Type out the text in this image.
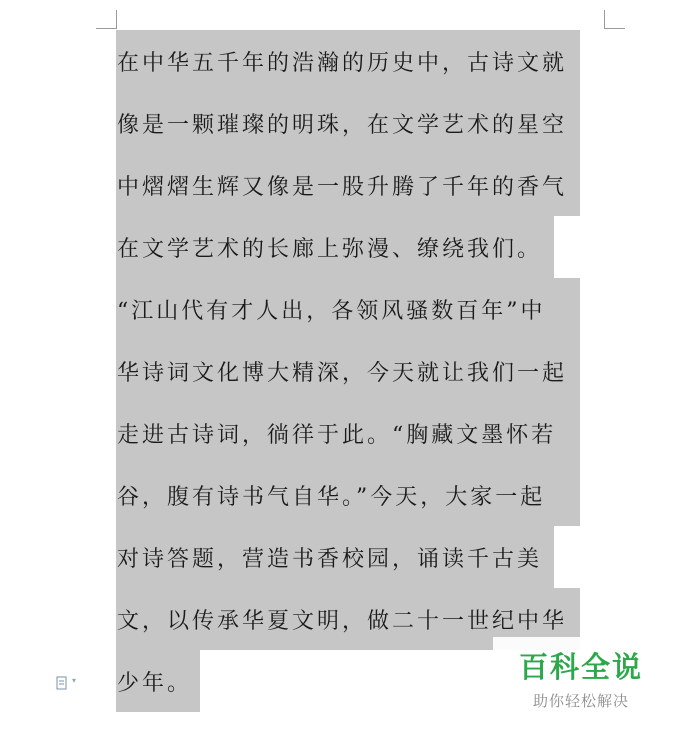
在中华五千年的浩瀚的历史中，古诗文就
像是一颗璀璨的明珠，在文学艺术的星空
中熠熠生辉又像是一股升腾了千年的香气
在文学艺术的长廊上弥漫、缭绕我们。
“江山代有才人出，各领风骚数百年”中
华诗词文化博大精深，今天就让我们一起
走进古诗词，徜徉于此。“胸藏文墨怀若
谷，腹有诗书气自华。”今天，大家一起
对诗答题，营造书香校园，诵读千古美
文，以传承华夏文明，做二十一世纪中华
少年。
▾	百科全说
助你轻松解决
